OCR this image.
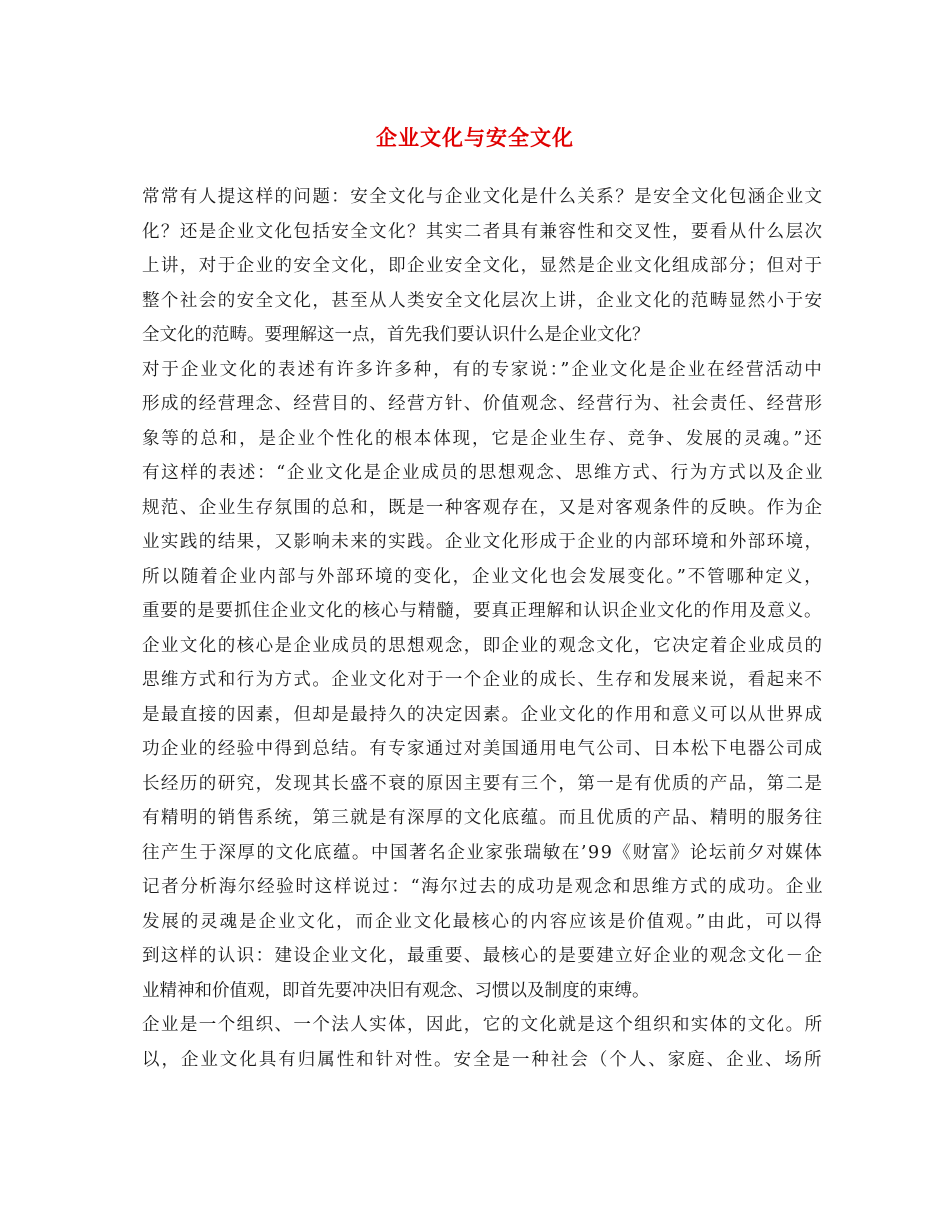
企业文化与安全文化
常常有人提这样的问题：安全文化与企业文化是什么关系？是安全文化包涵企业文
化？还是企业文化包括安全文化？其实二者具有兼容性和交叉性，要看从什么层次
上讲，对于企业的安全文化，即企业安全文化，显然是企业文化组成部分；但对于
整个社会的安全文化，甚至从人类安全文化层次上讲，企业文化的范畴显然小于安
全文化的范畴。要理解这一点，首先我们要认识什么是企业文化？
对于企业文化的表述有许多许多种，有的专家说：”企业文化是企业在经营活动中
形成的经营理念、经营目的、经营方针、价值观念、经营行为、社会责任、经营形
象等的总和，是企业个性化的根本体现，它是企业生存、竞争、发展的灵魂。”还
有这样的表述：“企业文化是企业成员的思想观念、思维方式、行为方式以及企业
规范、企业生存氛围的总和，既是一种客观存在，又是对客观条件的反映。作为企
业实践的结果，又影响未来的实践。企业文化形成于企业的内部环境和外部环境，
所以随着企业内部与外部环境的变化，企业文化也会发展变化。”不管哪种定义，
重要的是要抓住企业文化的核心与精髓，要真正理解和认识企业文化的作用及意义。
企业文化的核心是企业成员的思想观念，即企业的观念文化，它决定着企业成员的
思维方式和行为方式。企业文化对于一个企业的成长、生存和发展来说，看起来不
是最直接的因素，但却是最持久的决定因素。企业文化的作用和意义可以从世界成
功企业的经验中得到总结。有专家通过对美国通用电气公司、日本松下电器公司成
长经历的研究，发现其长盛不衰的原因主要有三个，第一是有优质的产品，第二是
有精明的销售系统，第三就是有深厚的文化底蕴。而且优质的产品、精明的服务往
往产生于深厚的文化底蕴。中国著名企业家张瑞敏在’99《财富》论坛前夕对媒体
记者分析海尔经验时这样说过：“海尔过去的成功是观念和思维方式的成功。企业
发展的灵魂是企业文化，而企业文化最核心的内容应该是价值观。”由此，可以得
到这样的认识：建设企业文化，最重要、最核心的是要建立好企业的观念文化－企
业精神和价值观，即首先要冲决旧有观念、习惯以及制度的束缚。
企业是一个组织、一个法人实体，因此，它的文化就是这个组织和实体的文化。所
以，企业文化具有归属性和针对性。安全是一种社会（个人、家庭、企业、场所
